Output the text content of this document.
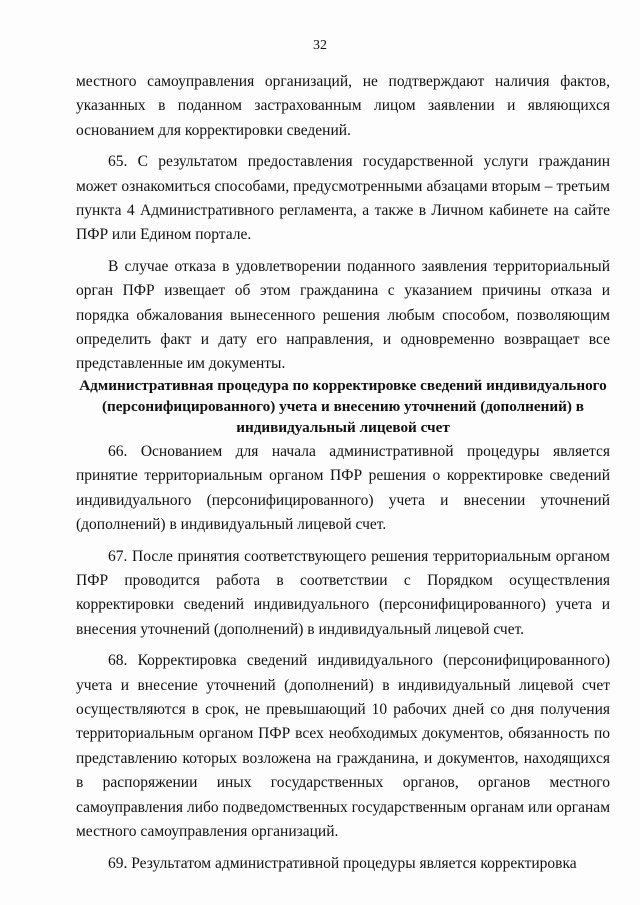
32

местного самоуправления организаций, не подтверждают наличия фактов, указанных в поданном застрахованным лицом заявлении и являющихся основанием для корректировки сведений.

65. С результатом предоставления государственной услуги гражданин может ознакомиться способами, предусмотренными абзацами вторым – третьим пункта 4 Административного регламента, а также в Личном кабинете на сайте ПФР или Едином портале.

В случае отказа в удовлетворении поданного заявления территориальный орган ПФР извещает об этом гражданина с указанием причины отказа и порядка обжалования вынесенного решения любым способом, позволяющим определить факт и дату его направления, и одновременно возвращает все представленные им документы.

Административная процедура по корректировке сведений индивидуального (персонифицированного) учета и внесению уточнений (дополнений) в индивидуальный лицевой счет

66. Основанием для начала административной процедуры является принятие территориальным органом ПФР решения о корректировке сведений индивидуального (персонифицированного) учета и внесении уточнений (дополнений) в индивидуальный лицевой счет.

67. После принятия соответствующего решения территориальным органом ПФР проводится работа в соответствии с Порядком осуществления корректировки сведений индивидуального (персонифицированного) учета и внесения уточнений (дополнений) в индивидуальный лицевой счет.

68. Корректировка сведений индивидуального (персонифицированного) учета и внесение уточнений (дополнений) в индивидуальный лицевой счет осуществляются в срок, не превышающий 10 рабочих дней со дня получения территориальным органом ПФР всех необходимых документов, обязанность по представлению которых возложена на гражданина, и документов, находящихся в распоряжении иных государственных органов, органов местного самоуправления либо подведомственных государственным органам или органам местного самоуправления организаций.

69. Результатом административной процедуры является корректировка
